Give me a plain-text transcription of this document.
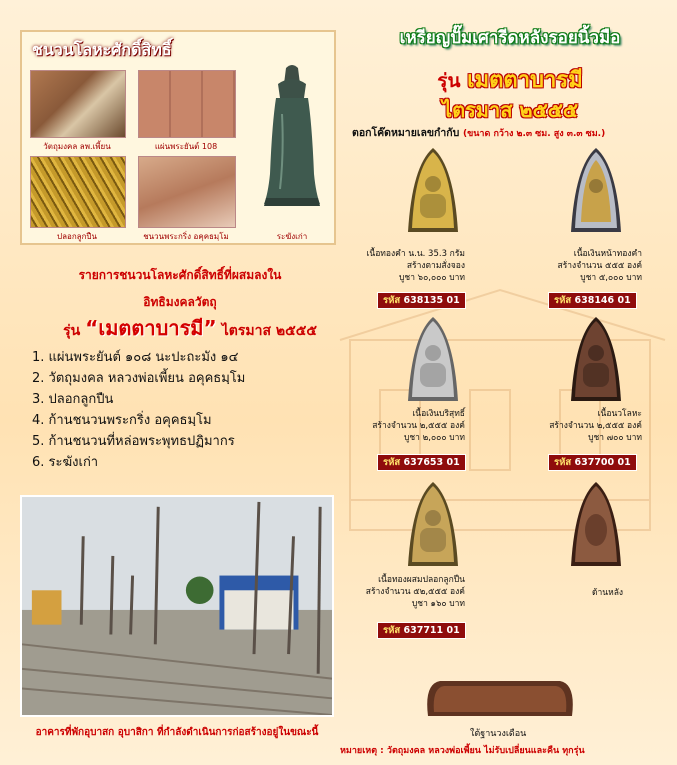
ชนวนโลหะศักดิ์สิทธิ์
วัตถุมงคล ลพ.เพี้ยน	แผ่นพระยันต์ 108
ปลอกลูกปืน	ชนวนพระกริ่ง อคุคธมฺโม	ระฆังเก่า
รายการชนวนโลหะศักดิ์สิทธิ์ที่ผสมลงใน
อิทธิมงคลวัตถุ
รุ่น “เมตตาบารมี” ไตรมาส ๒๕๕๕
1. แผ่นพระยันต์ ๑๐๘ นะปะถะมัง ๑๔
2. วัตถุมงคล หลวงพ่อเพี้ยน อคุคธมฺโม
3. ปลอกลูกปืน
4. ก้านชนวนพระกริ่ง อคุคธมฺโม
5. ก้านชนวนที่หล่อพระพุทธปฏิมากร
6. ระฆังเก่า
อาคารที่พักอุบาสก อุบาสิกา ที่กำลังดำเนินการก่อสร้างอยู่ในขณะนี้
เหรียญปั๊มเศารีดหลังรอยนิ้วมือ
รุ่น เมตตาบารมี
ไตรมาส ๒๕๕๕
ตอกโค๊ดหมายเลขกำกับ (ขนาด กว้าง ๒.๓ ซม. สูง ๓.๓ ซม.)
เนื้อทองคำ น.น. 35.3 กรัม
สร้างตามสั่งจอง
บูชา ๖๐,๐๐๐ บาท
รหัส 638135 01
เนื้อเงินหน้าทองคำ
สร้างจำนวน ๕๕๕ องค์
บูชา ๕,๐๐๐ บาท
รหัส 638146 01
เนื้อเงินบริสุทธิ์
สร้างจำนวน ๒,๕๕๕ องค์
บูชา ๒,๐๐๐ บาท
รหัส 637653 01
เนื้อนวโลหะ
สร้างจำนวน ๒,๕๕๕ องค์
บูชา ๗๐๐ บาท
รหัส 637700 01
เนื้อทองผสมปลอกลูกปืน
สร้างจำนวน ๕๒,๕๕๕ องค์
บูชา ๑๖๐ บาท
รหัส 637711 01
ด้านหลัง
ใต้ฐานวงเดือน
หมายเหตุ : วัตถุมงคล หลวงพ่อเพี้ยน ไม่รับเปลี่ยนและคืน ทุกรุ่น
